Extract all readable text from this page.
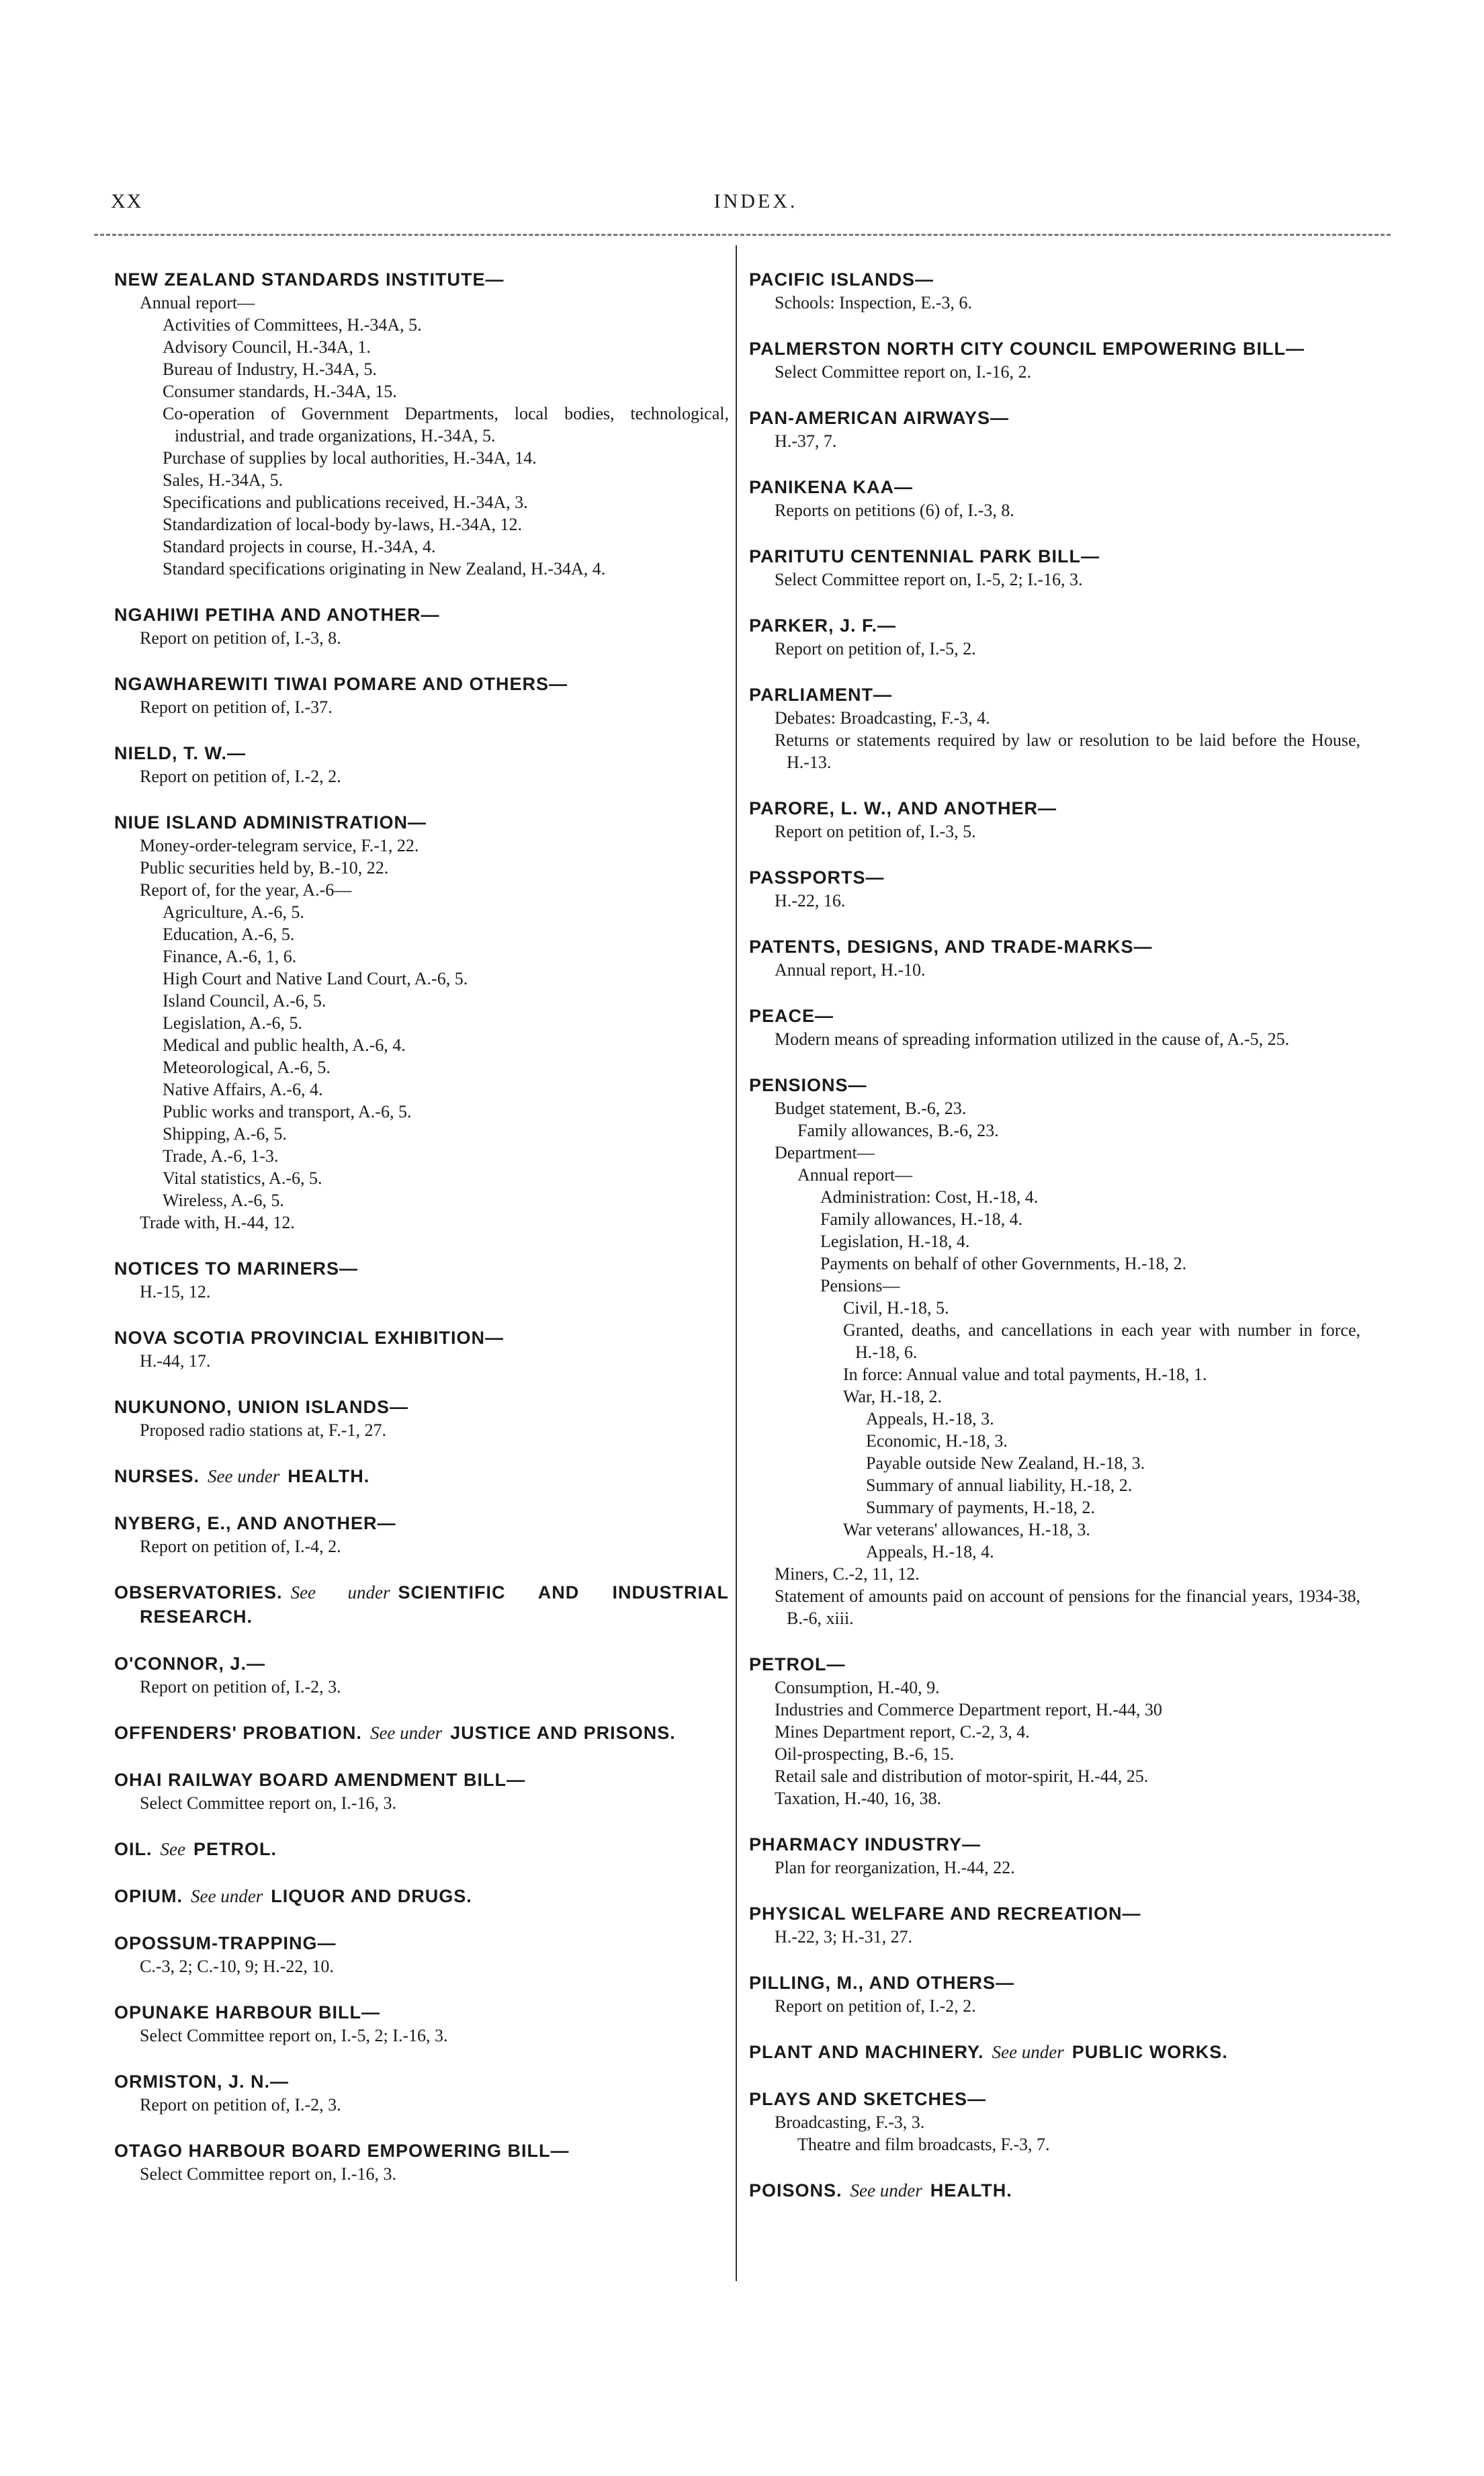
XX	INDEX.
NEW ZEALAND STANDARDS INSTITUTE—
Annual report—
Activities of Committees, H.-34A, 5.
Advisory Council, H.-34A, 1.
Bureau of Industry, H.-34A, 5.
Consumer standards, H.-34A, 15.
Co-operation of Government Departments, local bodies, technological, industrial, and trade organizations, H.-34A, 5.
Purchase of supplies by local authorities, H.-34A, 14.
Sales, H.-34A, 5.
Specifications and publications received, H.-34A, 3.
Standardization of local-body by-laws, H.-34A, 12.
Standard projects in course, H.-34A, 4.
Standard specifications originating in New Zealand, H.-34A, 4.
NGAHIWI PETIHA AND ANOTHER—
Report on petition of, I.-3, 8.
NGAWHAREWITI TIWAI POMARE AND OTHERS—
Report on petition of, I.-37.
NIELD, T. W.—
Report on petition of, I.-2, 2.
NIUE ISLAND ADMINISTRATION—
Money-order-telegram service, F.-1, 22.
Public securities held by, B.-10, 22.
Report of, for the year, A.-6—
Agriculture, A.-6, 5.
Education, A.-6, 5.
Finance, A.-6, 1, 6.
High Court and Native Land Court, A.-6, 5.
Island Council, A.-6, 5.
Legislation, A.-6, 5.
Medical and public health, A.-6, 4.
Meteorological, A.-6, 5.
Native Affairs, A.-6, 4.
Public works and transport, A.-6, 5.
Shipping, A.-6, 5.
Trade, A.-6, 1-3.
Vital statistics, A.-6, 5.
Wireless, A.-6, 5.
Trade with, H.-44, 12.
NOTICES TO MARINERS—
H.-15, 12.
NOVA SCOTIA PROVINCIAL EXHIBITION—
H.-44, 17.
NUKUNONO, UNION ISLANDS—
Proposed radio stations at, F.-1, 27.
NURSES. See under HEALTH.
NYBERG, E., AND ANOTHER—
Report on petition of, I.-4, 2.
OBSERVATORIES. See under SCIENTIFIC AND INDUSTRIAL RESEARCH.
O'CONNOR, J.—
Report on petition of, I.-2, 3.
OFFENDERS' PROBATION. See under JUSTICE AND PRISONS.
OHAI RAILWAY BOARD AMENDMENT BILL—
Select Committee report on, I.-16, 3.
OIL. See PETROL.
OPIUM. See under LIQUOR AND DRUGS.
OPOSSUM-TRAPPING—
C.-3, 2; C.-10, 9; H.-22, 10.
OPUNAKE HARBOUR BILL—
Select Committee report on, I.-5, 2; I.-16, 3.
ORMISTON, J. N.—
Report on petition of, I.-2, 3.
OTAGO HARBOUR BOARD EMPOWERING BILL—
Select Committee report on, I.-16, 3.
PACIFIC ISLANDS—
Schools: Inspection, E.-3, 6.
PALMERSTON NORTH CITY COUNCIL EMPOWERING BILL—
Select Committee report on, I.-16, 2.
PAN-AMERICAN AIRWAYS—
H.-37, 7.
PANIKENA KAA—
Reports on petitions (6) of, I.-3, 8.
PARITUTU CENTENNIAL PARK BILL—
Select Committee report on, I.-5, 2; I.-16, 3.
PARKER, J. F.—
Report on petition of, I.-5, 2.
PARLIAMENT—
Debates: Broadcasting, F.-3, 4.
Returns or statements required by law or resolution to be laid before the House, H.-13.
PARORE, L. W., AND ANOTHER—
Report on petition of, I.-3, 5.
PASSPORTS—
H.-22, 16.
PATENTS, DESIGNS, AND TRADE-MARKS—
Annual report, H.-10.
PEACE—
Modern means of spreading information utilized in the cause of, A.-5, 25.
PENSIONS—
Budget statement, B.-6, 23.
Family allowances, B.-6, 23.
Department—
Annual report—
Administration: Cost, H.-18, 4.
Family allowances, H.-18, 4.
Legislation, H.-18, 4.
Payments on behalf of other Governments, H.-18, 2.
Pensions—
Civil, H.-18, 5.
Granted, deaths, and cancellations in each year with number in force, H.-18, 6.
In force: Annual value and total payments, H.-18, 1.
War, H.-18, 2.
Appeals, H.-18, 3.
Economic, H.-18, 3.
Payable outside New Zealand, H.-18, 3.
Summary of annual liability, H.-18, 2.
Summary of payments, H.-18, 2.
War veterans' allowances, H.-18, 3.
Appeals, H.-18, 4.
Miners, C.-2, 11, 12.
Statement of amounts paid on account of pensions for the financial years, 1934-38, B.-6, xiii.
PETROL—
Consumption, H.-40, 9.
Industries and Commerce Department report, H.-44, 30
Mines Department report, C.-2, 3, 4.
Oil-prospecting, B.-6, 15.
Retail sale and distribution of motor-spirit, H.-44, 25.
Taxation, H.-40, 16, 38.
PHARMACY INDUSTRY—
Plan for reorganization, H.-44, 22.
PHYSICAL WELFARE AND RECREATION—
H.-22, 3; H.-31, 27.
PILLING, M., AND OTHERS—
Report on petition of, I.-2, 2.
PLANT AND MACHINERY. See under PUBLIC WORKS.
PLAYS AND SKETCHES—
Broadcasting, F.-3, 3.
Theatre and film broadcasts, F.-3, 7.
POISONS. See under HEALTH.
